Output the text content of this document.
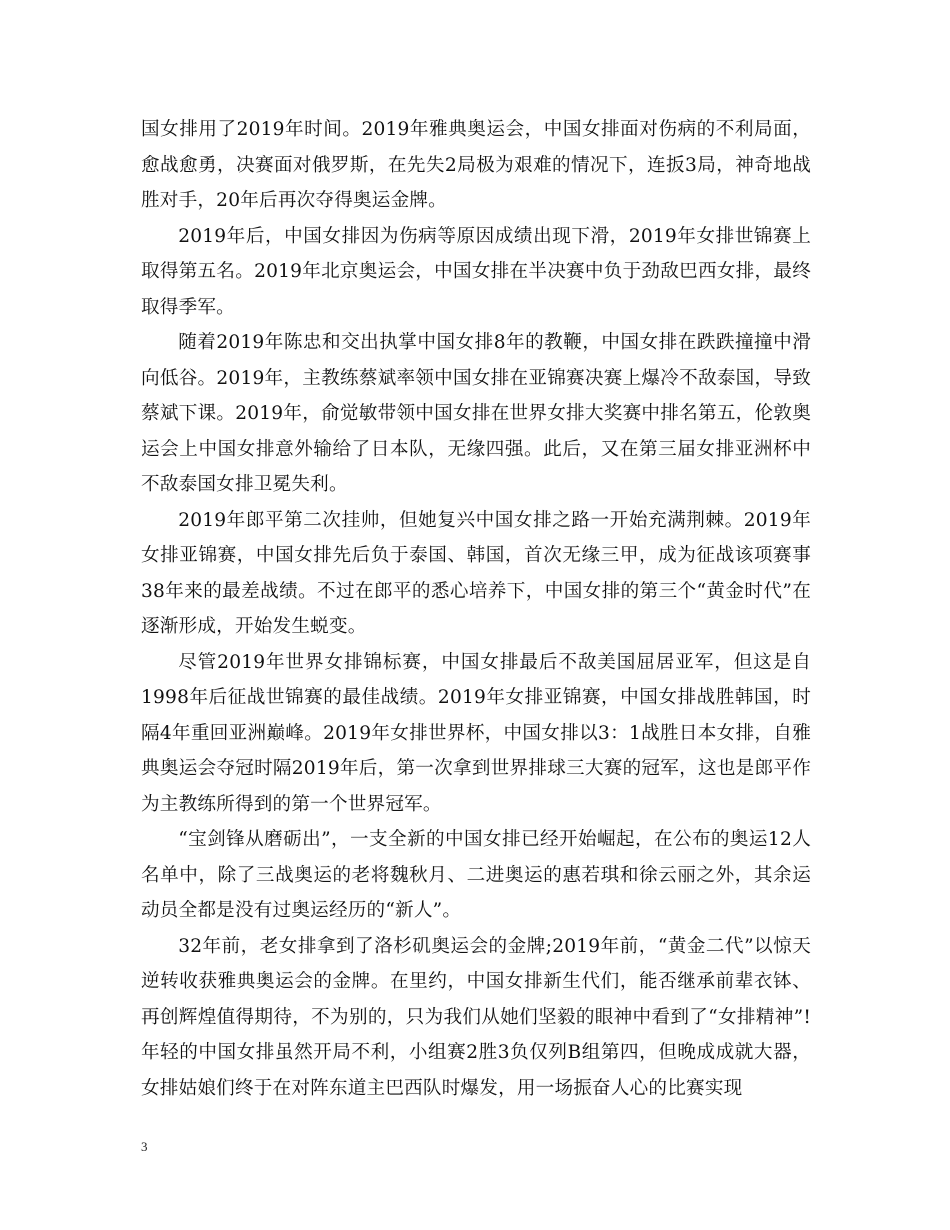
国女排用了2019年时间。2019年雅典奥运会，中国女排面对伤病的不利局面，愈战愈勇，决赛面对俄罗斯，在先失2局极为艰难的情况下，连扳3局，神奇地战胜对手，20年后再次夺得奥运金牌。

2019年后，中国女排因为伤病等原因成绩出现下滑，2019年女排世锦赛上取得第五名。2019年北京奥运会，中国女排在半决赛中负于劲敌巴西女排，最终取得季军。

随着2019年陈忠和交出执掌中国女排8年的教鞭，中国女排在跌跌撞撞中滑向低谷。2019年，主教练蔡斌率领中国女排在亚锦赛决赛上爆冷不敌泰国，导致蔡斌下课。2019年，俞觉敏带领中国女排在世界女排大奖赛中排名第五，伦敦奥运会上中国女排意外输给了日本队，无缘四强。此后，又在第三届女排亚洲杯中不敌泰国女排卫冕失利。

2019年郎平第二次挂帅，但她复兴中国女排之路一开始充满荆棘。2019年女排亚锦赛，中国女排先后负于泰国、韩国，首次无缘三甲，成为征战该项赛事38年来的最差战绩。不过在郎平的悉心培养下，中国女排的第三个“黄金时代”在逐渐形成，开始发生蜕变。

尽管2019年世界女排锦标赛，中国女排最后不敌美国屈居亚军，但这是自1998年后征战世锦赛的最佳战绩。2019年女排亚锦赛，中国女排战胜韩国，时隔4年重回亚洲巅峰。2019年女排世界杯，中国女排以3：1战胜日本女排，自雅典奥运会夺冠时隔2019年后，第一次拿到世界排球三大赛的冠军，这也是郎平作为主教练所得到的第一个世界冠军。

“宝剑锋从磨砺出”，一支全新的中国女排已经开始崛起，在公布的奥运12人名单中，除了三战奥运的老将魏秋月、二进奥运的惠若琪和徐云丽之外，其余运动员全都是没有过奥运经历的“新人”。

32年前，老女排拿到了洛杉矶奥运会的金牌;2019年前，“黄金二代”以惊天逆转收获雅典奥运会的金牌。在里约，中国女排新生代们，能否继承前辈衣钵、再创辉煌值得期待，不为别的，只为我们从她们坚毅的眼神中看到了“女排精神”!年轻的中国女排虽然开局不利，小组赛2胜3负仅列B组第四，但晚成成就大器，女排姑娘们终于在对阵东道主巴西队时爆发，用一场振奋人心的比赛实现

3
